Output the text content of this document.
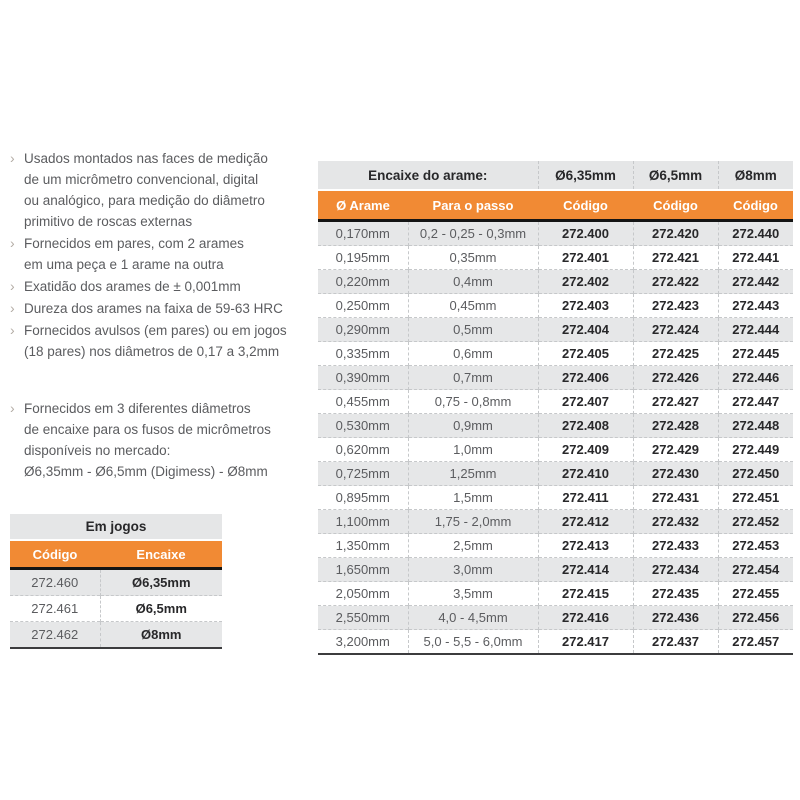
› Usados montados nas faces de medição
de um micrômetro convencional, digital
ou analógico, para medição do diâmetro
primitivo de roscas externas
› Fornecidos em pares, com 2 arames
em uma peça e 1 arame na outra
› Exatidão dos arames de ± 0,001mm
› Dureza dos arames na faixa de 59-63 HRC
› Fornecidos avulsos (em pares) ou em jogos
(18 pares) nos diâmetros de 0,17 a 3,2mm
› Fornecidos em 3 diferentes diâmetros
de encaixe para os fusos de micrômetros
disponíveis no mercado:
Ø6,35mm - Ø6,5mm (Digimess) - Ø8mm
Em jogos	
Código	Encaixe
272.460	Ø6,35mm
272.461	Ø6,5mm
272.462	Ø8mm
Encaixe do arame:		Ø6,35mm	Ø6,5mm	Ø8mm
Ø Arame	Para o passo	Código	Código	Código
0,170mm	0,2 - 0,25 - 0,3mm	272.400	272.420	272.440
0,195mm	0,35mm	272.401	272.421	272.441
0,220mm	0,4mm	272.402	272.422	272.442
0,250mm	0,45mm	272.403	272.423	272.443
0,290mm	0,5mm	272.404	272.424	272.444
0,335mm	0,6mm	272.405	272.425	272.445
0,390mm	0,7mm	272.406	272.426	272.446
0,455mm	0,75 - 0,8mm	272.407	272.427	272.447
0,530mm	0,9mm	272.408	272.428	272.448
0,620mm	1,0mm	272.409	272.429	272.449
0,725mm	1,25mm	272.410	272.430	272.450
0,895mm	1,5mm	272.411	272.431	272.451
1,100mm	1,75 - 2,0mm	272.412	272.432	272.452
1,350mm	2,5mm	272.413	272.433	272.453
1,650mm	3,0mm	272.414	272.434	272.454
2,050mm	3,5mm	272.415	272.435	272.455
2,550mm	4,0 - 4,5mm	272.416	272.436	272.456
3,200mm	5,0 - 5,5 - 6,0mm	272.417	272.437	272.457
